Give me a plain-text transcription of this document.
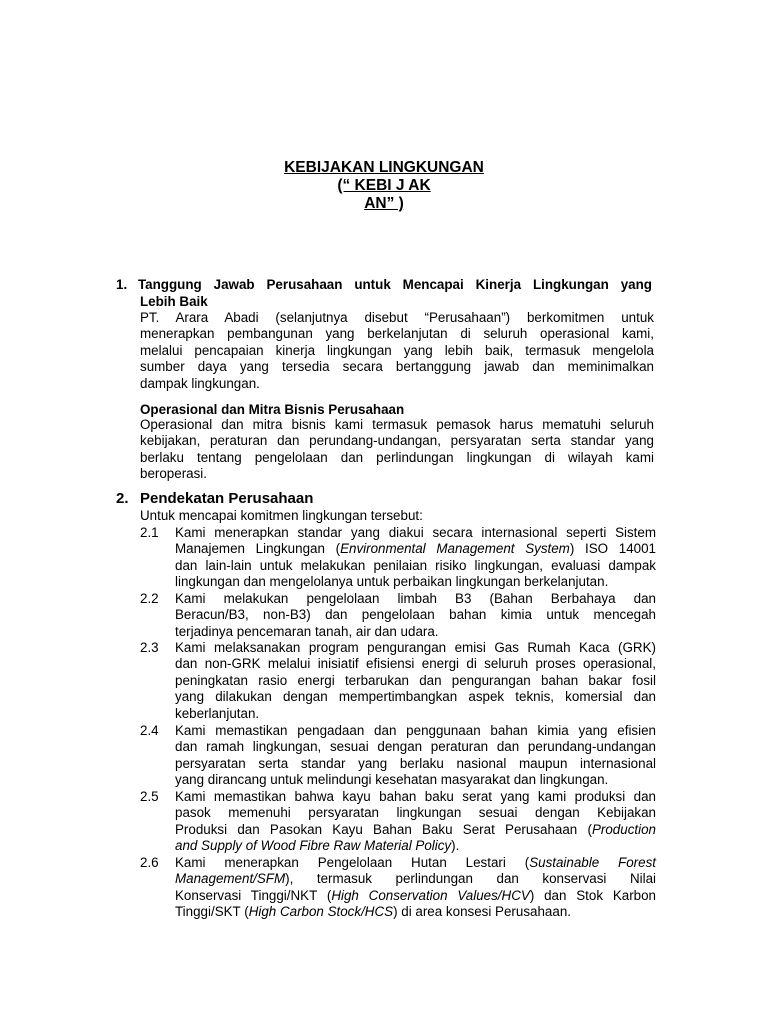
KEBIJAKAN LINGKUNGAN
(“ KEBI J AK
AN” )
1. Tanggung Jawab Perusahaan untuk Mencapai Kinerja Lingkungan yang
Lebih Baik
PT. Arara Abadi (selanjutnya disebut “Perusahaan”) berkomitmen untuk
menerapkan pembangunan yang berkelanjutan di seluruh operasional kami,
melalui pencapaian kinerja lingkungan yang lebih baik, termasuk mengelola
sumber daya yang tersedia secara bertanggung jawab dan meminimalkan
dampak lingkungan.
Operasional dan Mitra Bisnis Perusahaan
Operasional dan mitra bisnis kami termasuk pemasok harus mematuhi seluruh
kebijakan, peraturan dan perundang-undangan, persyaratan serta standar yang
berlaku tentang pengelolaan dan perlindungan lingkungan di wilayah kami
beroperasi.
2. Pendekatan Perusahaan
Untuk mencapai komitmen lingkungan tersebut:
2.1 Kami menerapkan standar yang diakui secara internasional seperti Sistem
Manajemen Lingkungan (Environmental Management System) ISO 14001
dan lain-lain untuk melakukan penilaian risiko lingkungan, evaluasi dampak
lingkungan dan mengelolanya untuk perbaikan lingkungan berkelanjutan.
2.2 Kami melakukan pengelolaan limbah B3 (Bahan Berbahaya dan
Beracun/B3, non-B3) dan pengelolaan bahan kimia untuk mencegah
terjadinya pencemaran tanah, air dan udara.
2.3 Kami melaksanakan program pengurangan emisi Gas Rumah Kaca (GRK)
dan non-GRK melalui inisiatif efisiensi energi di seluruh proses operasional,
peningkatan rasio energi terbarukan dan pengurangan bahan bakar fosil
yang dilakukan dengan mempertimbangkan aspek teknis, komersial dan
keberlanjutan.
2.4 Kami memastikan pengadaan dan penggunaan bahan kimia yang efisien
dan ramah lingkungan, sesuai dengan peraturan dan perundang-undangan
persyaratan serta standar yang berlaku nasional maupun internasional
yang dirancang untuk melindungi kesehatan masyarakat dan lingkungan.
2.5 Kami memastikan bahwa kayu bahan baku serat yang kami produksi dan
pasok memenuhi persyaratan lingkungan sesuai dengan Kebijakan
Produksi dan Pasokan Kayu Bahan Baku Serat Perusahaan (Production
and Supply of Wood Fibre Raw Material Policy).
2.6 Kami menerapkan Pengelolaan Hutan Lestari (Sustainable Forest
Management/SFM), termasuk perlindungan dan konservasi Nilai
Konservasi Tinggi/NKT (High Conservation Values/HCV) dan Stok Karbon
Tinggi/SKT (High Carbon Stock/HCS) di area konsesi Perusahaan.
